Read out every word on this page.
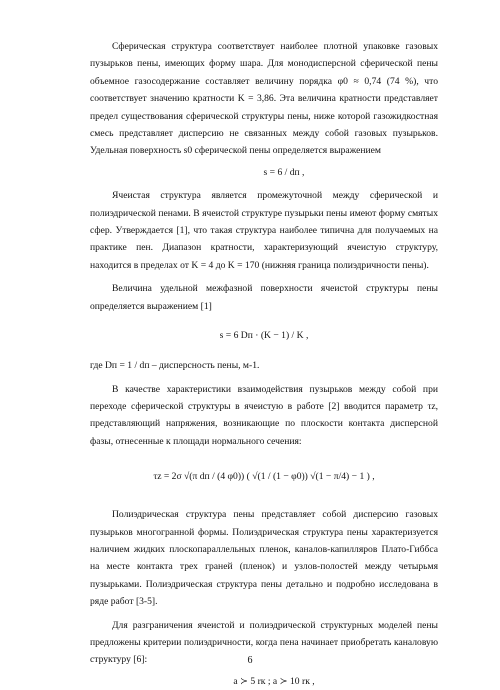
Сферическая структура соответствует наиболее плотной упаковке газовых пузырьков пены, имеющих форму шара. Для монодисперсной сферической пены объемное газосодержание составляет величину порядка φ0 ≈ 0,74 (74 %), что соответствует значению кратности K = 3,86. Эта величина кратности представляет предел существования сферической структуры пены, ниже которой газожидкостная смесь представляет дисперсию не связанных между собой газовых пузырьков. Удельная поверхность s0 сферической пены определяется выражением

s = 6 / dп ,

Ячеистая структура является промежуточной между сферической и полиэдрической пенами. В ячеистой структуре пузырьки пены имеют форму смятых сфер. Утверждается [1], что такая структура наиболее типична для получаемых на практике пен. Диапазон кратности, характеризующий ячеистую структуру, находится в пределах от K = 4 до K = 170 (нижняя граница полиэдричности пены).

Величина удельной межфазной поверхности ячеистой структуры пены определяется выражением [1]

s = 6 Dп · (K − 1) / K ,

где Dп = 1 / dп – дисперсность пены, м-1.

В качестве характеристики взаимодействия пузырьков между собой при переходе сферической структуры в ячеистую в работе [2] вводится параметр τz, представляющий напряжения, возникающие по плоскости контакта дисперсной фазы, отнесенные к площади нормального сечения:

τz = 2σ √(π dп / (4 φ0)) ( √(1 / (1 − φ0)) √(1 − π/4) − 1 ) ,

Полиэдрическая структура пены представляет собой дисперсию газовых пузырьков многогранной формы. Полиэдрическая структура пены характеризуется наличием жидких плоскопараллельных пленок, каналов-капилляров Плато-Гиббса на месте контакта трех граней (пленок) и узлов-полостей между четырьмя пузырьками. Полиэдрическая структура пены детально и подробно исследована в ряде работ [3-5].

Для разграничения ячеистой и полиэдрической структурных моделей пены предложены критерии полиэдричности, когда пена начинает приобретать каналовую структуру [6]:

a ≻ 5 rк ; a ≻ 10 rк ,
6
